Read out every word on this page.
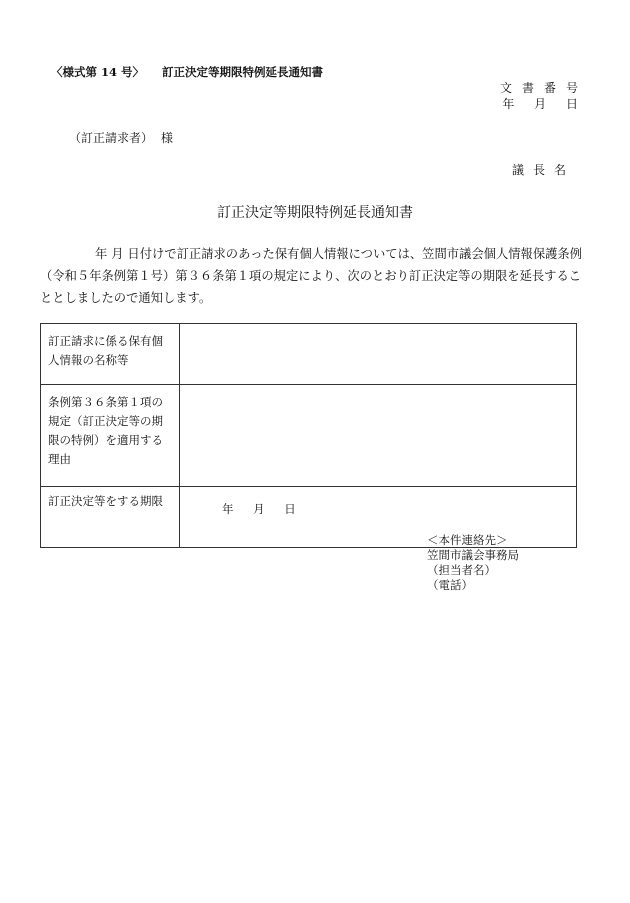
〈様式第 14 号〉 訂正決定等期限特例延長通知書
文書番号
年 月 日
（訂正請求者） 様
議長名
訂正決定等期限特例延長通知書

年 月 日付けで訂正請求のあった保有個人情報については、笠間市議会個人情報保護条例

（令和５年条例第１号）第３６条第１項の規定により、次のとおり訂正決定等の期限を延長するこ

ととしましたので通知します。

訂正請求に係る保有個人情報の名称等	
条例第３６条第１項の規定（訂正決定等の期限の特例）を適用する理由	
訂正決定等をする期限	年 月 日
＜本件連絡先＞
笠間市議会事務局
（担当者名）
（電話）
